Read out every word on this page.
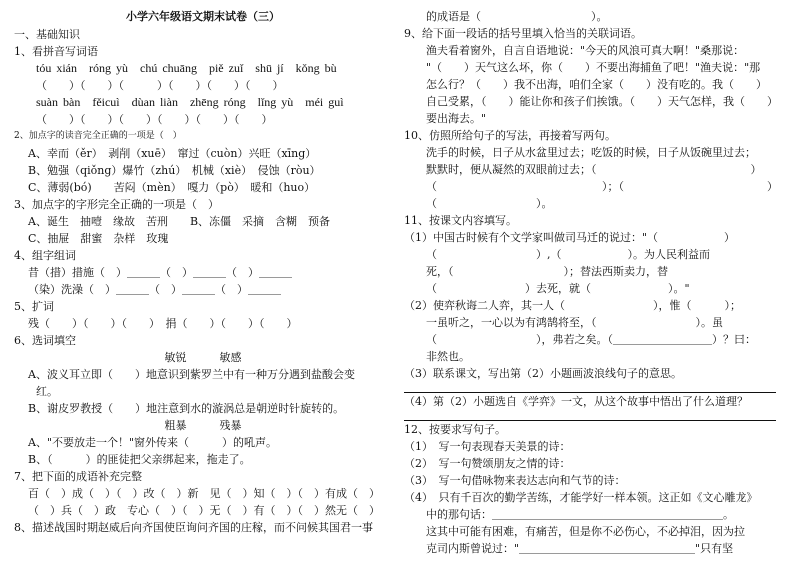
小学六年级语文期末试卷（三）
一、基础知识
1、看拼音写词语
tóu xián　róng yù　chú chuāng　piě zuǐ　shū jí　kǒng bù
（　　）（　　）（　　　）（　　）（　　）（　　）
suàn bàn　fěicuì　dùan liàn　zhēng róng　lǐng yù　méi guì
（　　）（　　）（　　）（　　）（　　）（　　）
2、加点字的读音完全正确的一项是（　）
A、幸而（ěr）　剥削（xuē）　窜过（cuòn）兴旺（xīng）
B、勉强（qiǒng）爆竹（zhú）　机械（xiè）　侵蚀（ròu）
C、薄弱(bó)　　苦闷（mèn）　嘎力（pò）　暖和（huo）
3、加点字的字形完全正确的一项是（　）
A、诞生　抽噎　缘故　苦刑　　B、冻僵　采摘　含糊　预备
C、抽屉　甜蜜　杂样　玫瑰
4、组字组词
昔（措）措施（　）＿＿＿（　）＿＿＿（　）＿＿＿
（染）洗澡（　）＿＿＿（　）＿＿＿（　）＿＿＿
5、扩词
残（　　）（　　）（　　）　捐（　　）（　　）（　　）
6、选词填空
敏锐　　　敏感
A、波义耳立即（　　）地意识到紫罗兰中有一种万分遇到盐酸会变
红。
B、谢皮罗教授（　　）地注意到水的漩涡总是朝逆时针旋转的。
粗暴　　　残暴
A、"不要放走一个！"窗外传来（　　　）的吼声。
B、（　　　）的匪徒把父亲绑起来，拖走了。
7、把下面的成语补充完整
百（　）成（　）（　）改（　）新　见（　）知（　）（　）有成（　）
（　）兵（　）政　专心（　）（　）无（　）有（　）（　）然无（　）
8、描述战国时期赵威后向齐国使臣询问齐国的庄稼，而不问候其国君一事
的成语是（　　　　　　　　　　）。
9、给下面一段话的括号里填入恰当的关联词语。
渔夫看着窗外，自言自语地说："今天的风浪可真大啊！"桑那说：
"（　　）天气这么坏，你（　　）不要出海捕鱼了吧！"渔夫说："那
怎么行？（　　）我不出海，咱们全家（　　）没有吃的。我（　　）
自己受累，（　　）能让你和孩子们挨饿。（　　）天气怎样，我（　　）
要出海去。"
10、仿照所给句子的写法，再接着写两句。
洗手的时候，日子从水盆里过去；吃饭的时候，日子从饭碗里过去；
默默时，便从凝然的双眼前过去；（　　　　　　　　　　　　　　）
（　　　　　　　　　　　　　　　）；（　　　　　　　　　　　　　）
（　　　　　　　　　）。
11、按课文内容填写。
（1）中国古时候有个文学家叫做司马迁的说过："（　　　　　　）
（　　　　　　　　　）,（　　　　　　）。为人民利益而
死，（　　　　　　　　　　）；替法西斯卖力，替
（　　　　　　　　）去死，就（　　　　　　　）。"
（2）使弈秋诲二人弈，其一人（　　　　　　　　），惟（　　　）；
一虽听之，一心以为有鸿鹄将至，（　　　　　　　　　）。虽
（　　　　　　　　　），弗若之矣。（＿＿＿＿＿＿＿＿＿）？曰：
非然也。
（3）联系课文，写出第（2）小题画波浪线句子的意思。
（4）第（2）小题选自《学弈》一文，从这个故事中悟出了什么道理？
12、按要求写句子。
（1）　写一句表现春天美景的诗：
（2）　写一句赞颂朋友之情的诗：
（3）　写一句借咏物来表达志向和气节的诗：
（4）　只有千百次的勤学苦练，才能学好一样本领。这正如《文心雕龙》
中的那句话：＿＿＿＿＿＿＿＿＿＿＿＿＿＿＿＿＿＿＿＿＿。
这其中可能有困难，有痛苦，但是你不必伤心，不必掉泪，因为拉
克司内斯曾说过："＿＿＿＿＿＿＿＿＿＿＿＿＿＿＿＿"只有坚
